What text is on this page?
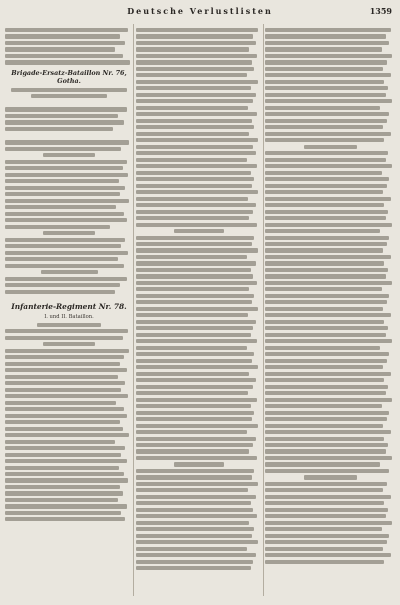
Deutsche Verlustlisten	1359
Brigade-Ersatz-Bataillon Nr. 76, Gotha.
Infanterie-Regiment Nr. 78.
I. und II. Bataillon.
